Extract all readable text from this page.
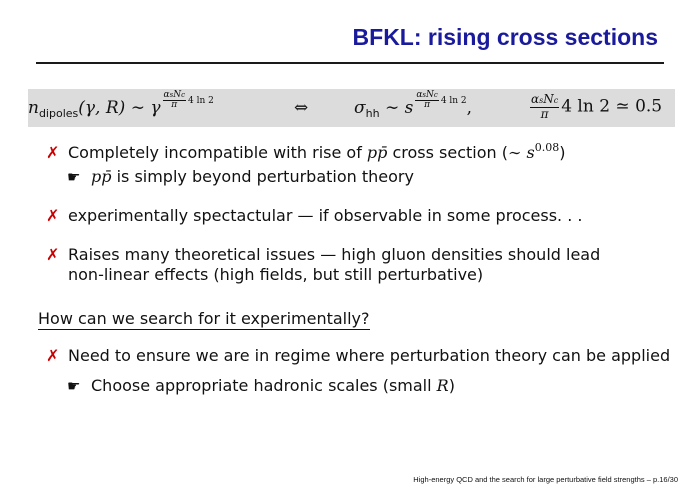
BFKL: rising cross sections
$n_{dipoles}(\gamma$, R) ∼ γ $^{\frac{\text{αsNc}}{\pi} 4 ln 2}$	⇔	$\sigma_{hh}$ ∼ s $^{\frac{\text{αsNc}}{\pi} 4 ln 2}$,	$\frac{\text{αsNc}}{\pi} 4$ ln 2 ≃ 0.5
✗ Completely incompatible with rise of pp̄ cross section (∼ $s^{0.08}$)
☛ pp̄ is simply beyond perturbation theory
✗ experimentally spectactular — if observable in some process. . .
✗ Raises many theoretical issues — high gluon densities should lead
non-linear effects (high fields, but still perturbative)
How can we search for it experimentally?
✗ Need to ensure we are in regime where perturbation theory can be applied
☛ Choose appropriate hadronic scales (small R)
High-energy QCD and the search for large perturbative field strengths – p.16/30
